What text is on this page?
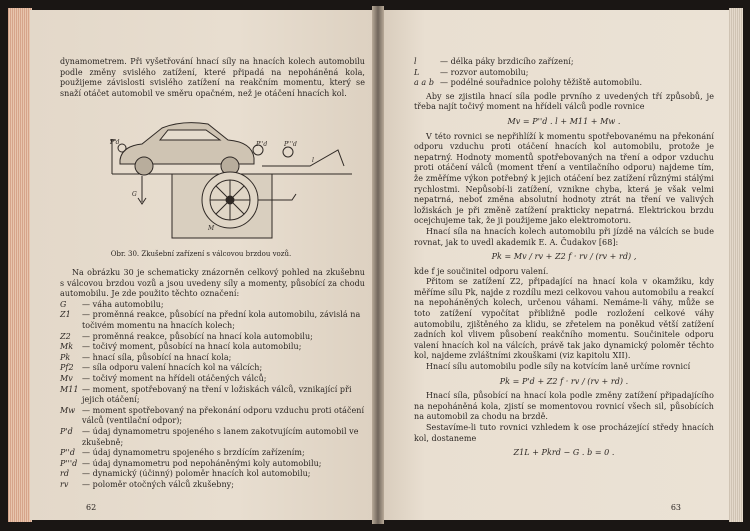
dynamometrem. Při vyšetřování hnací síly na hnacích kolech automobilu podle změny svislého zatížení, které připadá na nepoháněná kola, použijeme závislosti svislého zatížení na reakčním momentu, který se snaží otáčet automobil ve směru opačném, než je otáčení hnacích kol.

P'd
G
P''d	P'''d
l
M
Obr. 30. Zkušební zařízení s válcovou brzdou vozů.

Na obrázku 30 je schematicky znázorněn celkový pohled na zkušebnu s válcovou brzdou vozů a jsou uvedeny síly a momenty, působící za chodu automobilu. Je zde použito těchto označení:

G	— váha automobilu;
Z1	— proměnná reakce, působící na přední kola automobilu, závislá na točivém momentu na hnacích kolech;
Z2	— proměnná reakce, působící na hnací kola automobilu;
Mk	— točivý moment, působící na hnací kola automobilu;
Pk	— hnací síla, působící na hnací kola;
Pf2	— síla odporu valení hnacích kol na válcích;
Mv	— točivý moment na hřídeli otáčených válců;
M11 — moment, spotřebovaný na tření v ložiskách válců, vznikající při jejich otáčení;
Mw — moment spotřebovaný na překonání odporu vzduchu proti otáčení válců (ventilační odpor);
P'd	— údaj dynamometru spojeného s lanem zakotvujícím automobil ve zkušebně;
P''d — údaj dynamometru spojeného s brzdícím zařízením;
P'''d — údaj dynamometru pod nepoháněnými koly automobilu;
rd	— dynamický (účinný) poloměr hnacích kol automobilu;
rv	— poloměr otočných válců zkušebny;
62
l	— délka páky brzdicího zařízení;
L	— rozvor automobilu;
a a b — podélné souřadnice polohy těžiště automobilu.

Aby se zjistila hnací síla podle prvního z uvedených tří způsobů, je třeba najít točivý moment na hřídeli válců podle rovnice

Mv = P''d . l + M11 + Mw .

V této rovnici se nepřihlíží k momentu spotřebovanému na překonání odporu vzduchu proti otáčení hnacích kol automobilu, protože je nepatrný. Hodnoty momentů spotřebovaných na tření a odpor vzduchu proti otáčení válců (moment tření a ventilačního odporu) najdeme tím, že změříme výkon potřebný k jejich otáčení bez zatížení různými stálými rychlostmi. Nepůsobí-li zatížení, vznikne chyba, která je však velmi nepatrná, neboť změna absolutní hodnoty ztrát na tření ve valivých ložiskách je při změně zatížení prakticky nepatrná. Elektrickou brzdu ocejchujeme tak, že ji použijeme jako elektromotoru.

Hnací síla na hnacích kolech automobilu při jízdě na válcích se bude rovnat, jak to uvedl akademik E. A. Čudakov [68]:

Pk = Mv / rv + Z2 f · rv / (rv + rd) ,

kde f je součinitel odporu valení.

Přitom se zatížení Z2, připadající na hnací kola v okamžiku, kdy měříme sílu Pk, najde z rozdílu mezi celkovou vahou automobilu a reakcí na nepoháněných kolech, určenou váhami. Nemáme-li váhy, může se toto zatížení vypočítat přibližně podle rozložení celkové váhy automobilu, zjištěného za klidu, se zřetelem na poněkud větší zatížení zadních kol vlivem působení reakčního momentu. Součinitele odporu valení hnacích kol na válcích, právě tak jako dynamický poloměr těchto kol, najdeme zvláštními zkouškami (viz kapitolu XII).

Hnací sílu automobilu podle síly na kotvícím laně určíme rovnicí

Pk = P'd + Z2 f · rv / (rv + rd) .

Hnací síla, působící na hnací kola podle změny zatížení připadajícího na nepoháněná kola, zjistí se momentovou rovnicí všech sil, působících na automobil za chodu na brzdě.

Sestavíme-li tuto rovnici vzhledem k ose procházející středy hnacích kol, dostaneme

Z1L + Pkrd − G . b = 0 .
63
